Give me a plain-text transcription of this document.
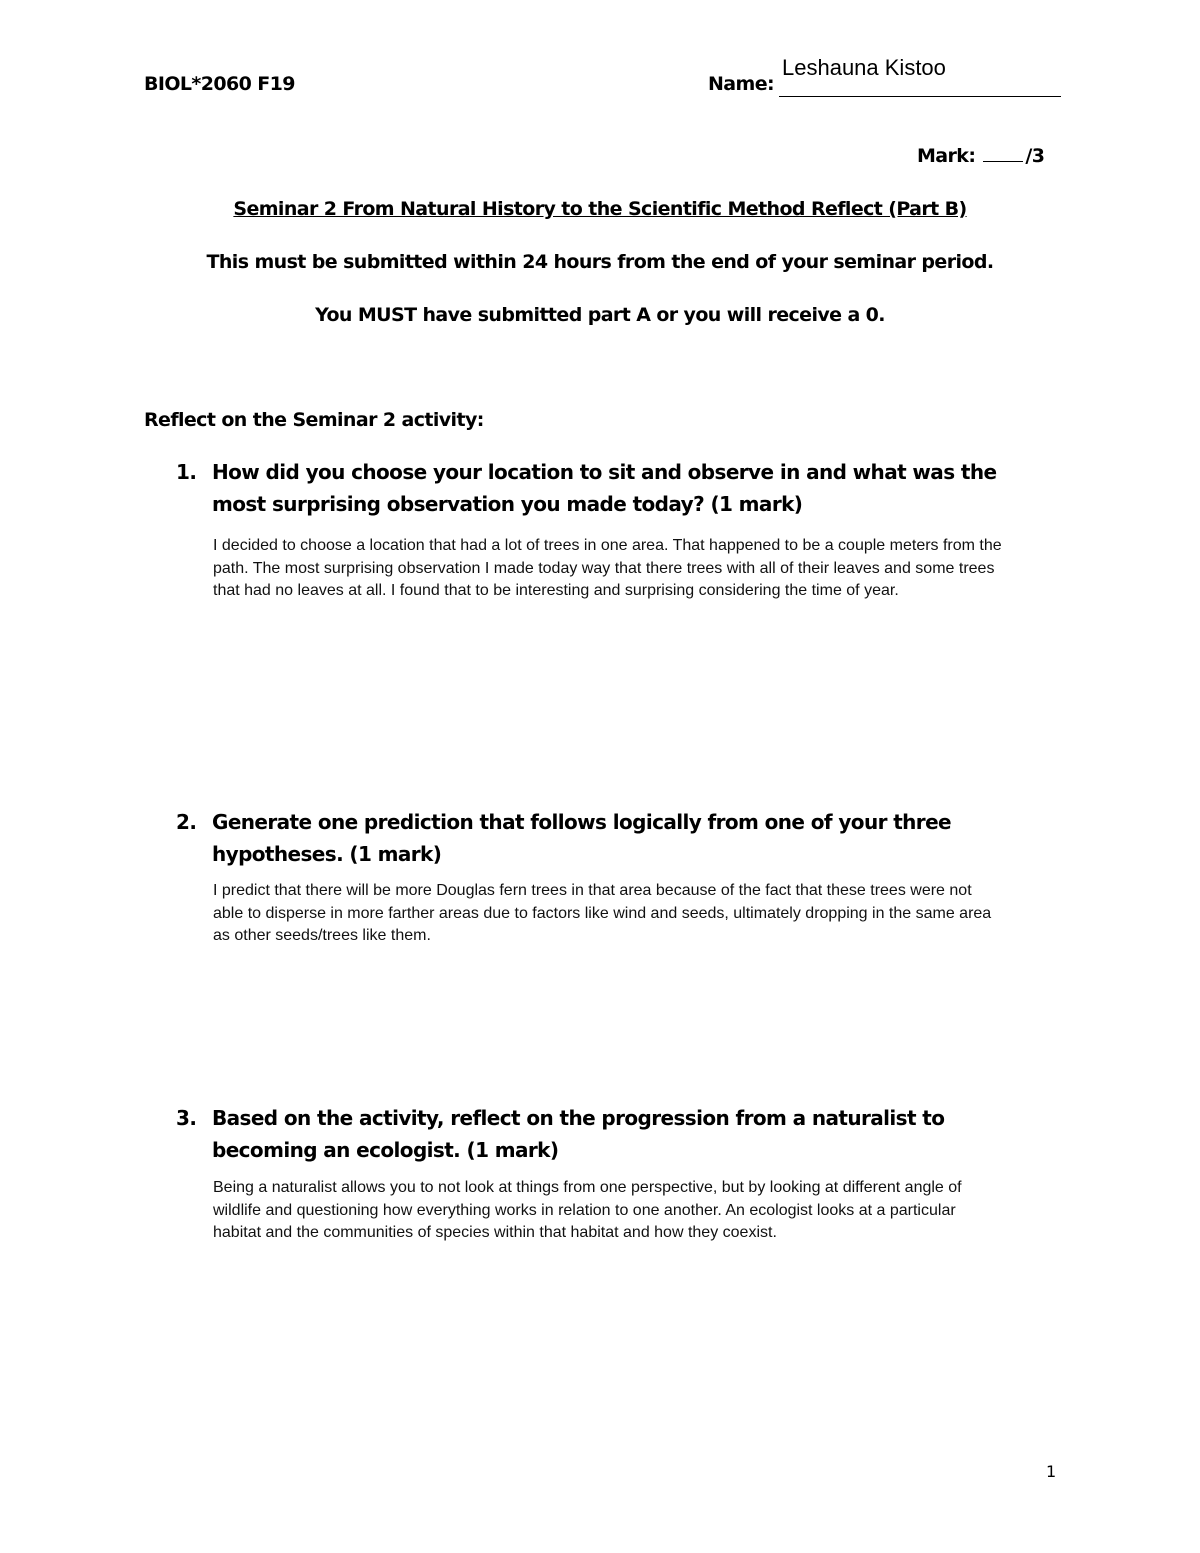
BIOL*2060 F19	Name:
Leshauna Kistoo
Mark:	/3
Seminar 2 From Natural History to the Scientific Method Reflect (Part B)
This must be submitted within 24 hours from the end of your seminar period.
You MUST have submitted part A or you will receive a 0.
Reflect on the Seminar 2 activity:
1. How did you choose your location to sit and observe in and what was the most surprising observation you made today? (1 mark)
I decided to choose a location that had a lot of trees in one area. That happened to be a couple meters from the path. The most surprising observation I made today way that there trees with all of their leaves and some trees that had no leaves at all. I found that to be interesting and surprising considering the time of year.
2. Generate one prediction that follows logically from one of your three hypotheses. (1 mark)
I predict that there will be more Douglas fern trees in that area because of the fact that these trees were not able to disperse in more farther areas due to factors like wind and seeds, ultimately dropping in the same area as other seeds/trees like them.
3. Based on the activity, reflect on the progression from a naturalist to becoming an ecologist. (1 mark)
Being a naturalist allows you to not look at things from one perspective, but by looking at different angle of wildlife and questioning how everything works in relation to one another. An ecologist looks at a particular habitat and the communities of species within that habitat and how they coexist.
1
